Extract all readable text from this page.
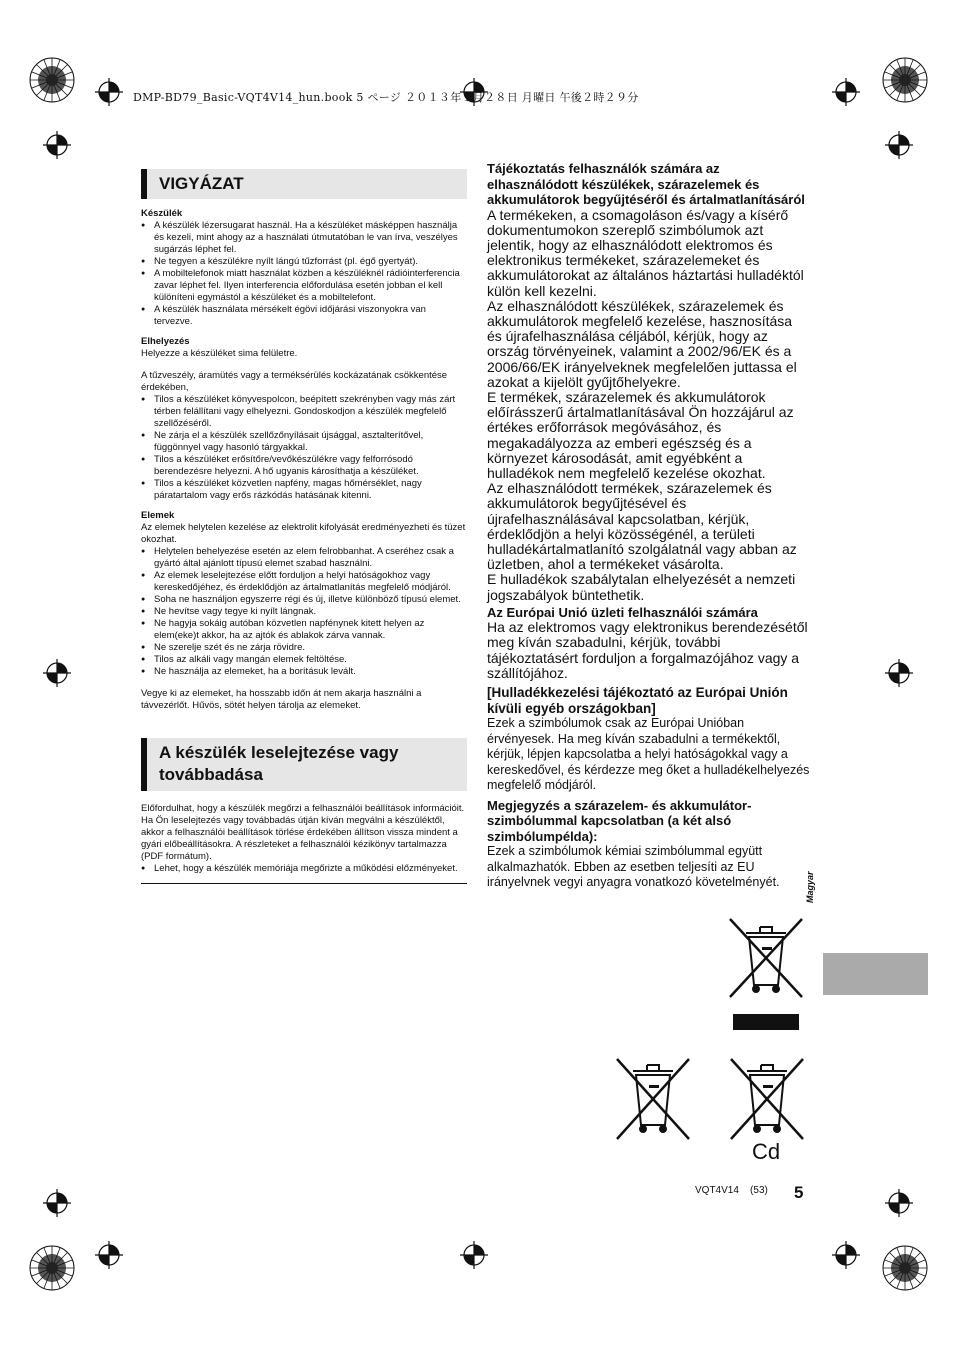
DMP-BD79_Basic-VQT4V14_hun.book 5 ページ ２０１３年１月２８日 月曜日 午後２時２９分
VIGYÁZAT
Készülék
● A készülék lézersugarat használ. Ha a készüléket másképpen használja és kezeli, mint ahogy az a használati útmutatóban le van írva, veszélyes sugárzás léphet fel.
● Ne tegyen a készülékre nyílt lángú tűzforrást (pl. égő gyertyát).
● A mobiltelefonok miatt használat közben a készüléknél rádióinterferencia zavar léphet fel. Ilyen interferencia előfordulása esetén jobban el kell különíteni egymástól a készüléket és a mobiltelefont.
● A készülék használata mérsékelt égövi időjárási viszonyokra van tervezve.
Elhelyezés

Helyezze a készüléket sima felületre.

A tűzveszély, áramütés vagy a terméksérülés kockázatának csökkentése érdekében,

● Tilos a készüléket könyvespolcon, beépített szekrényben vagy más zárt térben felállítani vagy elhelyezni. Gondoskodjon a készülék megfelelő szellőzéséről.
● Ne zárja el a készülék szellőzőnyílásait újsággal, asztalterítővel, függönnyel vagy hasonló tárgyakkal.
● Tilos a készüléket erősítőre/vevőkészülékre vagy felforrósodó berendezésre helyezni. A hő ugyanis károsíthatja a készüléket.
● Tilos a készüléket közvetlen napfény, magas hőmérséklet, nagy páratartalom vagy erős rázkódás hatásának kitenni.
Elemek

Az elemek helytelen kezelése az elektrolit kifolyását eredményezheti és tüzet okozhat.

● Helytelen behelyezése esetén az elem felrobbanhat. A cseréhez csak a gyártó által ajánlott típusú elemet szabad használni.
● Az elemek leselejtezése előtt forduljon a helyi hatóságokhoz vagy kereskedőjéhez, és érdeklődjön az ártalmatlanítás megfelelő módjáról.
● Soha ne használjon egyszerre régi és új, illetve különböző típusú elemet.
● Ne hevítse vagy tegye ki nyílt lángnak.
● Ne hagyja sokáig autóban közvetlen napfénynek kitett helyen az elem(eke)t akkor, ha az ajtók és ablakok zárva vannak.
● Ne szerelje szét és ne zárja rövidre.
● Tilos az alkáli vagy mangán elemek feltöltése.
● Ne használja az elemeket, ha a borításuk levált.

Vegye ki az elemeket, ha hosszabb időn át nem akarja használni a távvezérlőt. Hűvös, sötét helyen tárolja az elemeket.

A készülék leselejtezése vagy továbbadása

Előfordulhat, hogy a készülék megőrzi a felhasználói beállítások információit. Ha Ön leselejtezés vagy továbbadás útján kíván megválni a készüléktől, akkor a felhasználói beállítások törlése érdekében állítson vissza mindent a gyári előbeállításokra. A részleteket a felhasználói kézikönyv tartalmazza (PDF formátum).

● Lehet, hogy a készülék memóriája megőrizte a működési előzményeket.

Tájékoztatás felhasználók számára az elhasználódott készülékek, szárazelemek és akkumulátorok begyűjtéséről és ártalmatlanításáról

A termékeken, a csomagoláson és/vagy a kísérő dokumentumokon szereplő szimbólumok azt jelentik, hogy az elhasználódott elektromos és elektronikus termékeket, szárazelemeket és akkumulátorokat az általános háztartási hulladéktól külön kell kezelni.

Az elhasználódott készülékek, szárazelemek és akkumulátorok megfelelő kezelése, hasznosítása és újrafelhasználása céljából, kérjük, hogy az ország törvényeinek, valamint a 2002/96/EK és a 2006/66/EK irányelveknek megfelelően juttassa el azokat a kijelölt gyűjtőhelyekre.

E termékek, szárazelemek és akkumulátorok előírásszerű ártalmatlanításával Ön hozzájárul az értékes erőforrások megóvásához, és megakadályozza az emberi egészség és a környezet károsodását, amit egyébként a hulladékok nem megfelelő kezelése okozhat.

Az elhasználódott termékek, szárazelemek és akkumulátorok begyűjtésével és újrafelhasználásával kapcsolatban, kérjük, érdeklődjön a helyi közösségénél, a területi hulladékártalmatlanító szolgálatnál vagy abban az üzletben, ahol a termékeket vásárolta.

E hulladékok szabálytalan elhelyezését a nemzeti jogszabályok büntethetik.

Az Európai Unió üzleti felhasználói számára

Ha az elektromos vagy elektronikus berendezésétől meg kíván szabadulni, kérjük, további tájékoztatásért forduljon a forgalmazójához vagy a szállítójához.

[Hulladékkezelési tájékoztató az Európai Unión kívüli egyéb országokban]

Ezek a szimbólumok csak az Európai Unióban érvényesek. Ha meg kíván szabadulni a termékektől, kérjük, lépjen kapcsolatba a helyi hatóságokkal vagy a kereskedővel, és kérdezze meg őket a hulladékelhelyezés megfelelő módjáról.

Megjegyzés a szárazelem- és akkumulátor-szimbólummal kapcsolatban (a két alsó szimbólumpélda):

Ezek a szimbólumok kémiai szimbólummal együtt alkalmazhatók. Ebben az esetben teljesíti az EU irányelvnek vegyi anyagra vonatkozó követelményét.	Magyar
Cd
VQT4V14 (53) 5
